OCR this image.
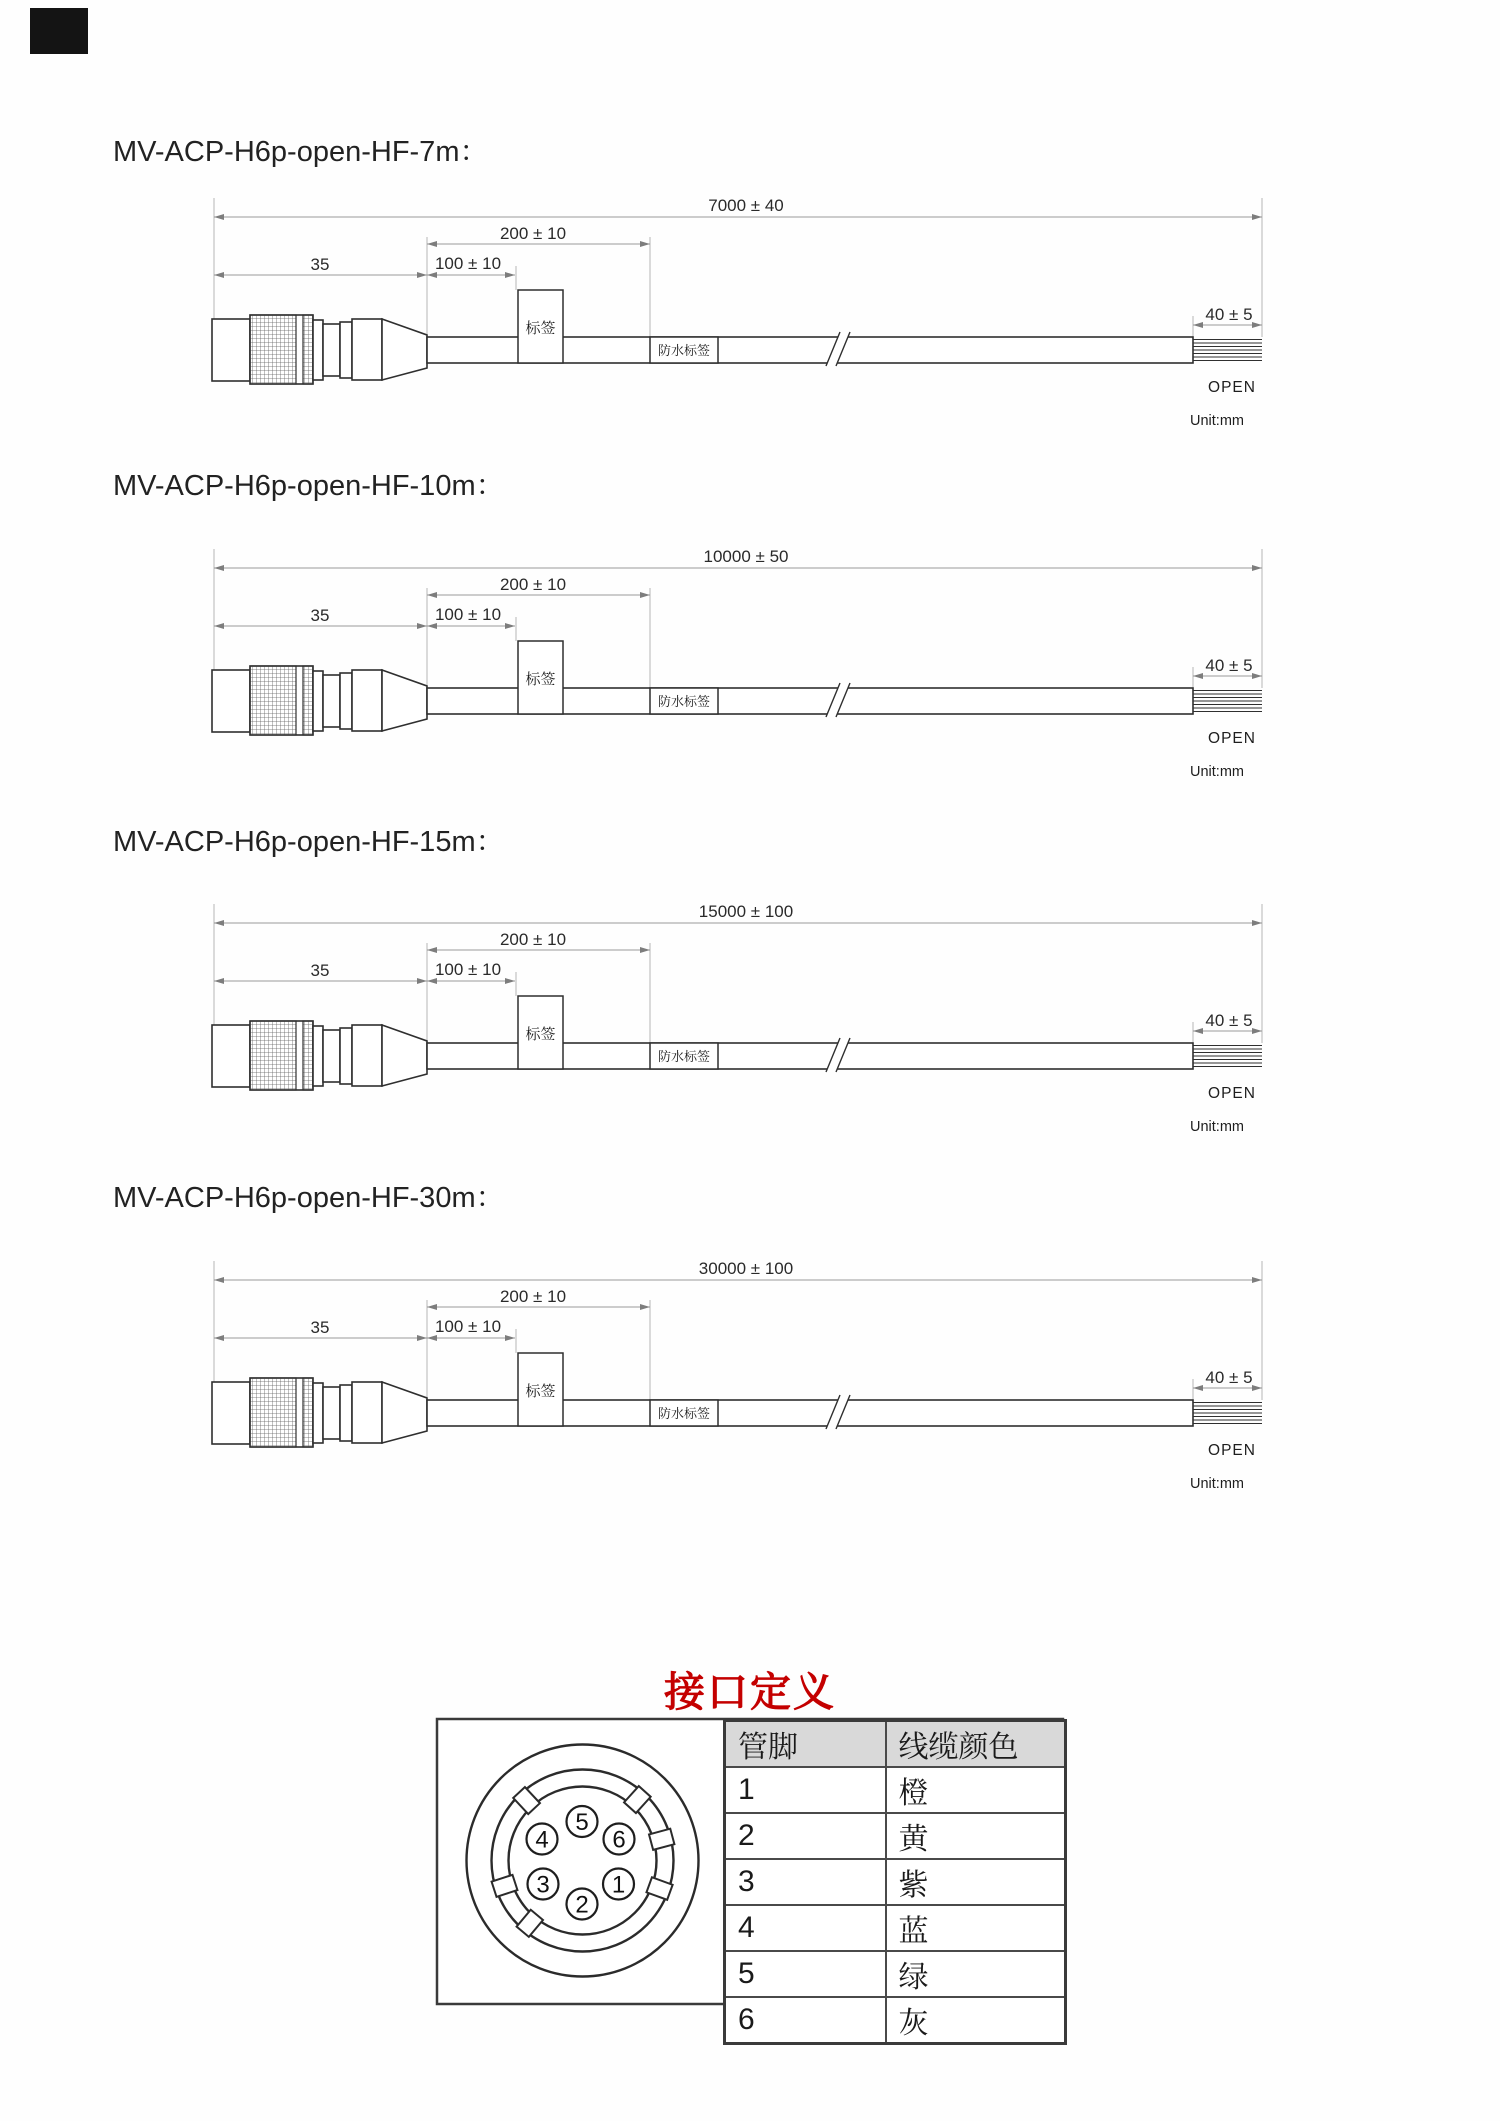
MV-ACP-H6p-open-HF-7m：
7000 ± 40
200 ± 10
100 ± 10
35
40 ± 5
标签
防水标签
OPEN
Unit:mm
MV-ACP-H6p-open-HF-10m：
10000 ± 50
200 ± 10
100 ± 10
35
40 ± 5
标签
防水标签
OPEN
Unit:mm
MV-ACP-H6p-open-HF-15m：
15000 ± 100
200 ± 10
100 ± 10
35
40 ± 5
标签
防水标签
OPEN
Unit:mm
MV-ACP-H6p-open-HF-30m：
30000 ± 100
200 ± 10
100 ± 10
35
40 ± 5
标签
防水标签
OPEN
Unit:mm
接口定义
5
4	6
3	1
2
管脚	线缆颜色
1	橙
2	黄
3	紫
4	蓝
5	绿
6	灰
